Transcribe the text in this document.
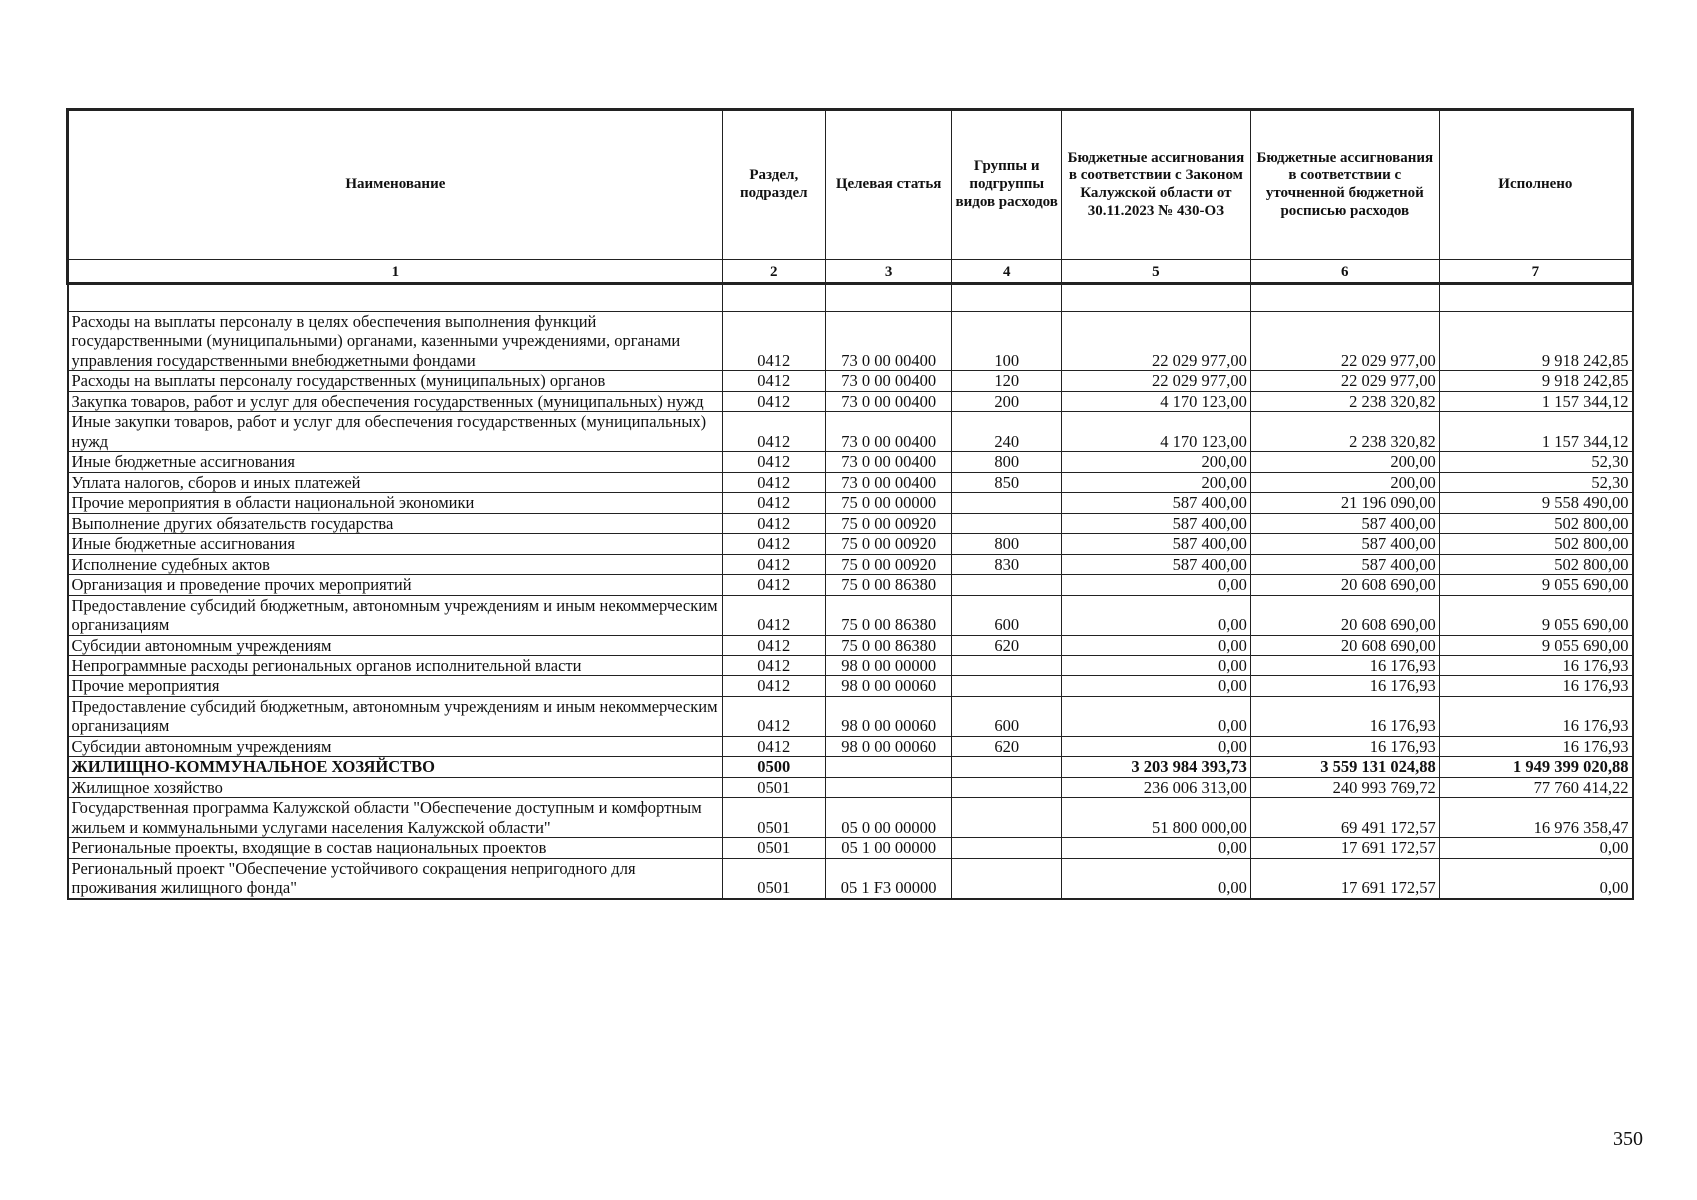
Наименование	Раздел, подраздел	Целевая статья	Группы и подгруппы видов расходов	Бюджетные ассигнования в соответствии с Законом Калужской области от 30.11.2023 № 430-ОЗ	Бюджетные ассигнования в соответствии с уточненной бюджетной росписью расходов	Исполнено
1	2	3	4	5	6	7

Расходы на выплаты персоналу в целях обеспечения выполнения функций государственными (муниципальными) органами, казенными учреждениями, органами управления государственными внебюджетными фондами	0412	73 0 00 00400	100	22 029 977,00	22 029 977,00	9 918 242,85
Расходы на выплаты персоналу государственных (муниципальных) органов	0412	73 0 00 00400	120	22 029 977,00	22 029 977,00	9 918 242,85
Закупка товаров, работ и услуг для обеспечения государственных (муниципальных) нужд	0412	73 0 00 00400	200	4 170 123,00	2 238 320,82	1 157 344,12
Иные закупки товаров, работ и услуг для обеспечения государственных (муниципальных) нужд	0412	73 0 00 00400	240	4 170 123,00	2 238 320,82	1 157 344,12
Иные бюджетные ассигнования	0412	73 0 00 00400	800	200,00	200,00	52,30
Уплата налогов, сборов и иных платежей	0412	73 0 00 00400	850	200,00	200,00	52,30
Прочие мероприятия в области национальной экономики	0412	75 0 00 00000		587 400,00	21 196 090,00	9 558 490,00
Выполнение других обязательств государства	0412	75 0 00 00920		587 400,00	587 400,00	502 800,00
Иные бюджетные ассигнования	0412	75 0 00 00920	800	587 400,00	587 400,00	502 800,00
Исполнение судебных актов	0412	75 0 00 00920	830	587 400,00	587 400,00	502 800,00
Организация и проведение прочих мероприятий	0412	75 0 00 86380		0,00	20 608 690,00	9 055 690,00
Предоставление субсидий бюджетным, автономным учреждениям и иным некоммерческим организациям	0412	75 0 00 86380	600	0,00	20 608 690,00	9 055 690,00
Субсидии автономным учреждениям	0412	75 0 00 86380	620	0,00	20 608 690,00	9 055 690,00
Непрограммные расходы региональных органов исполнительной власти	0412	98 0 00 00000		0,00	16 176,93	16 176,93
Прочие мероприятия	0412	98 0 00 00060		0,00	16 176,93	16 176,93
Предоставление субсидий бюджетным, автономным учреждениям и иным некоммерческим организациям	0412	98 0 00 00060	600	0,00	16 176,93	16 176,93
Субсидии автономным учреждениям	0412	98 0 00 00060	620	0,00	16 176,93	16 176,93
ЖИЛИЩНО-КОММУНАЛЬНОЕ ХОЗЯЙСТВО	0500			3 203 984 393,73	3 559 131 024,88	1 949 399 020,88
Жилищное хозяйство	0501			236 006 313,00	240 993 769,72	77 760 414,22
Государственная программа Калужской области "Обеспечение доступным и комфортным жильем и коммунальными услугами населения Калужской области"	0501	05 0 00 00000		51 800 000,00	69 491 172,57	16 976 358,47
Региональные проекты, входящие в состав национальных проектов	0501	05 1 00 00000		0,00	17 691 172,57	0,00
Региональный проект "Обеспечение устойчивого сокращения непригодного для проживания жилищного фонда"	0501	05 1 F3 00000		0,00	17 691 172,57	0,00
350
